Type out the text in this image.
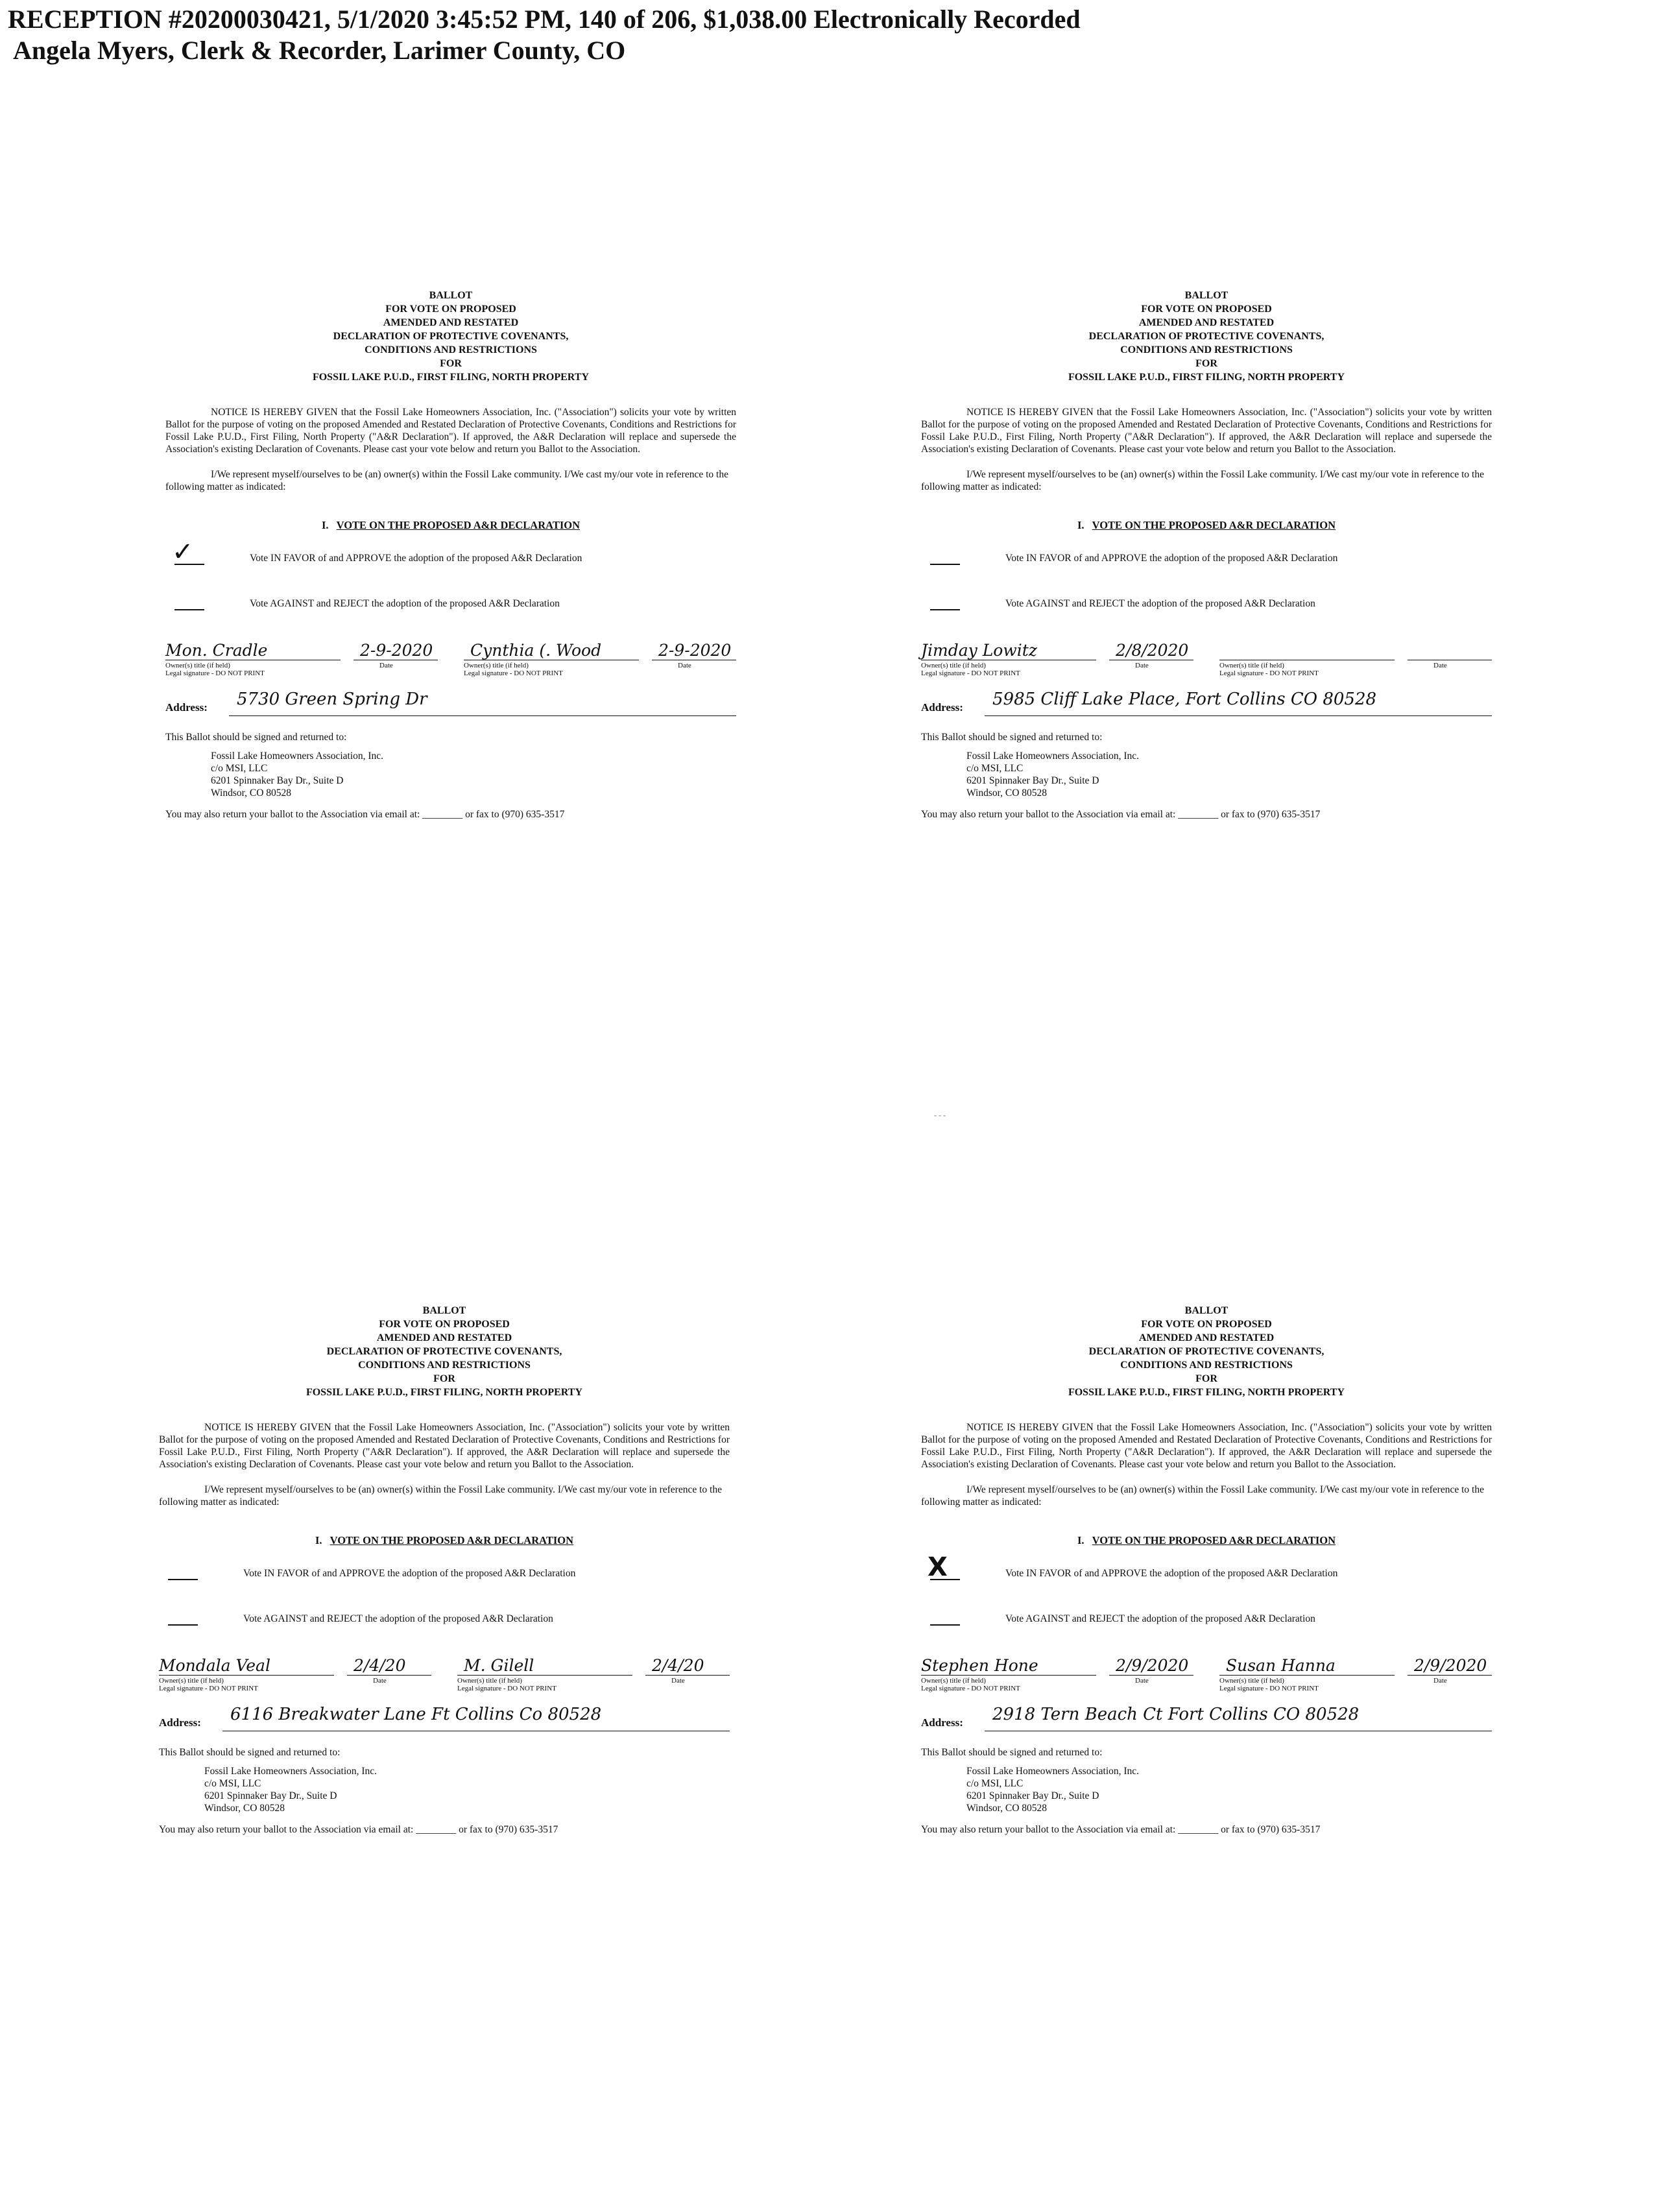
RECEPTION #20200030421, 5/1/2020 3:45:52 PM, 140 of 206, $1,038.00 Electronically Recorded
Angela Myers, Clerk & Recorder, Larimer County, CO
- - -
BALLOT
FOR VOTE ON PROPOSED
AMENDED AND RESTATED
DECLARATION OF PROTECTIVE COVENANTS,
CONDITIONS AND RESTRICTIONS
FOR
FOSSIL LAKE P.U.D., FIRST FILING, NORTH PROPERTY
NOTICE IS HEREBY GIVEN that the Fossil Lake Homeowners Association, Inc. ("Association") solicits your vote by written Ballot for the purpose of voting on the proposed Amended and Restated Declaration of Protective Covenants, Conditions and Restrictions for Fossil Lake P.U.D., First Filing, North Property ("A&R Declaration"). If approved, the A&R Declaration will replace and supersede the Association's existing Declaration of Covenants. Please cast your vote below and return you Ballot to the Association.
I/We represent myself/ourselves to be (an) owner(s) within the Fossil Lake community. I/We cast my/our vote in reference to the following matter as indicated:
I. VOTE ON THE PROPOSED A&R DECLARATION
✓	Vote IN FAVOR of and APPROVE the adoption of the proposed A&R Declaration
Vote AGAINST and REJECT the adoption of the proposed A&R Declaration
Mon. Cradle	2-9-2020 Cynthia (. Wood	2-9-2020
Owner(s) title (if held)	Date	Owner(s) title (if held)	Date
Legal signature - DO NOT PRINT	Legal signature - DO NOT PRINT
Address: 5730 Green Spring Dr
This Ballot should be signed and returned to:
Fossil Lake Homeowners Association, Inc.
c/o MSI, LLC
6201 Spinnaker Bay Dr., Suite D
Windsor, CO 80528
You may also return your ballot to the Association via email at: ________ or fax to (970) 635-3517
BALLOT
FOR VOTE ON PROPOSED
AMENDED AND RESTATED
DECLARATION OF PROTECTIVE COVENANTS,
CONDITIONS AND RESTRICTIONS
FOR
FOSSIL LAKE P.U.D., FIRST FILING, NORTH PROPERTY
NOTICE IS HEREBY GIVEN that the Fossil Lake Homeowners Association, Inc. ("Association") solicits your vote by written Ballot for the purpose of voting on the proposed Amended and Restated Declaration of Protective Covenants, Conditions and Restrictions for Fossil Lake P.U.D., First Filing, North Property ("A&R Declaration"). If approved, the A&R Declaration will replace and supersede the Association's existing Declaration of Covenants. Please cast your vote below and return you Ballot to the Association.
I/We represent myself/ourselves to be (an) owner(s) within the Fossil Lake community. I/We cast my/our vote in reference to the following matter as indicated:
I. VOTE ON THE PROPOSED A&R DECLARATION
Vote IN FAVOR of and APPROVE the adoption of the proposed A&R Declaration
Vote AGAINST and REJECT the adoption of the proposed A&R Declaration
Jimday Lowitz	2/8/2020
Owner(s) title (if held)	Date	Owner(s) title (if held)	Date
Legal signature - DO NOT PRINT	Legal signature - DO NOT PRINT
Address: 5985 Cliff Lake Place, Fort Collins CO 80528
This Ballot should be signed and returned to:
Fossil Lake Homeowners Association, Inc.
c/o MSI, LLC
6201 Spinnaker Bay Dr., Suite D
Windsor, CO 80528
You may also return your ballot to the Association via email at: ________ or fax to (970) 635-3517
BALLOT
FOR VOTE ON PROPOSED
AMENDED AND RESTATED
DECLARATION OF PROTECTIVE COVENANTS,
CONDITIONS AND RESTRICTIONS
FOR
FOSSIL LAKE P.U.D., FIRST FILING, NORTH PROPERTY
NOTICE IS HEREBY GIVEN that the Fossil Lake Homeowners Association, Inc. ("Association") solicits your vote by written Ballot for the purpose of voting on the proposed Amended and Restated Declaration of Protective Covenants, Conditions and Restrictions for Fossil Lake P.U.D., First Filing, North Property ("A&R Declaration"). If approved, the A&R Declaration will replace and supersede the Association's existing Declaration of Covenants. Please cast your vote below and return you Ballot to the Association.
I/We represent myself/ourselves to be (an) owner(s) within the Fossil Lake community. I/We cast my/our vote in reference to the following matter as indicated:
I. VOTE ON THE PROPOSED A&R DECLARATION
Vote IN FAVOR of and APPROVE the adoption of the proposed A&R Declaration
Vote AGAINST and REJECT the adoption of the proposed A&R Declaration
Mondala Veal	2/4/20	M. Gilell	2/4/20
Owner(s) title (if held)	Date	Owner(s) title (if held)	Date
Legal signature - DO NOT PRINT	Legal signature - DO NOT PRINT
Address: 6116 Breakwater Lane Ft Collins Co 80528
This Ballot should be signed and returned to:
Fossil Lake Homeowners Association, Inc.
c/o MSI, LLC
6201 Spinnaker Bay Dr., Suite D
Windsor, CO 80528
You may also return your ballot to the Association via email at: ________ or fax to (970) 635-3517
BALLOT
FOR VOTE ON PROPOSED
AMENDED AND RESTATED
DECLARATION OF PROTECTIVE COVENANTS,
CONDITIONS AND RESTRICTIONS
FOR
FOSSIL LAKE P.U.D., FIRST FILING, NORTH PROPERTY
NOTICE IS HEREBY GIVEN that the Fossil Lake Homeowners Association, Inc. ("Association") solicits your vote by written Ballot for the purpose of voting on the proposed Amended and Restated Declaration of Protective Covenants, Conditions and Restrictions for Fossil Lake P.U.D., First Filing, North Property ("A&R Declaration"). If approved, the A&R Declaration will replace and supersede the Association's existing Declaration of Covenants. Please cast your vote below and return you Ballot to the Association.
I/We represent myself/ourselves to be (an) owner(s) within the Fossil Lake community. I/We cast my/our vote in reference to the following matter as indicated:
I. VOTE ON THE PROPOSED A&R DECLARATION
X	Vote IN FAVOR of and APPROVE the adoption of the proposed A&R Declaration
Vote AGAINST and REJECT the adoption of the proposed A&R Declaration
Stephen Hone	2/9/2020 Susan Hanna	2/9/2020
Owner(s) title (if held)	Date	Owner(s) title (if held)	Date
Legal signature - DO NOT PRINT	Legal signature - DO NOT PRINT
Address: 2918 Tern Beach Ct Fort Collins CO 80528
This Ballot should be signed and returned to:
Fossil Lake Homeowners Association, Inc.
c/o MSI, LLC
6201 Spinnaker Bay Dr., Suite D
Windsor, CO 80528
You may also return your ballot to the Association via email at: ________ or fax to (970) 635-3517
